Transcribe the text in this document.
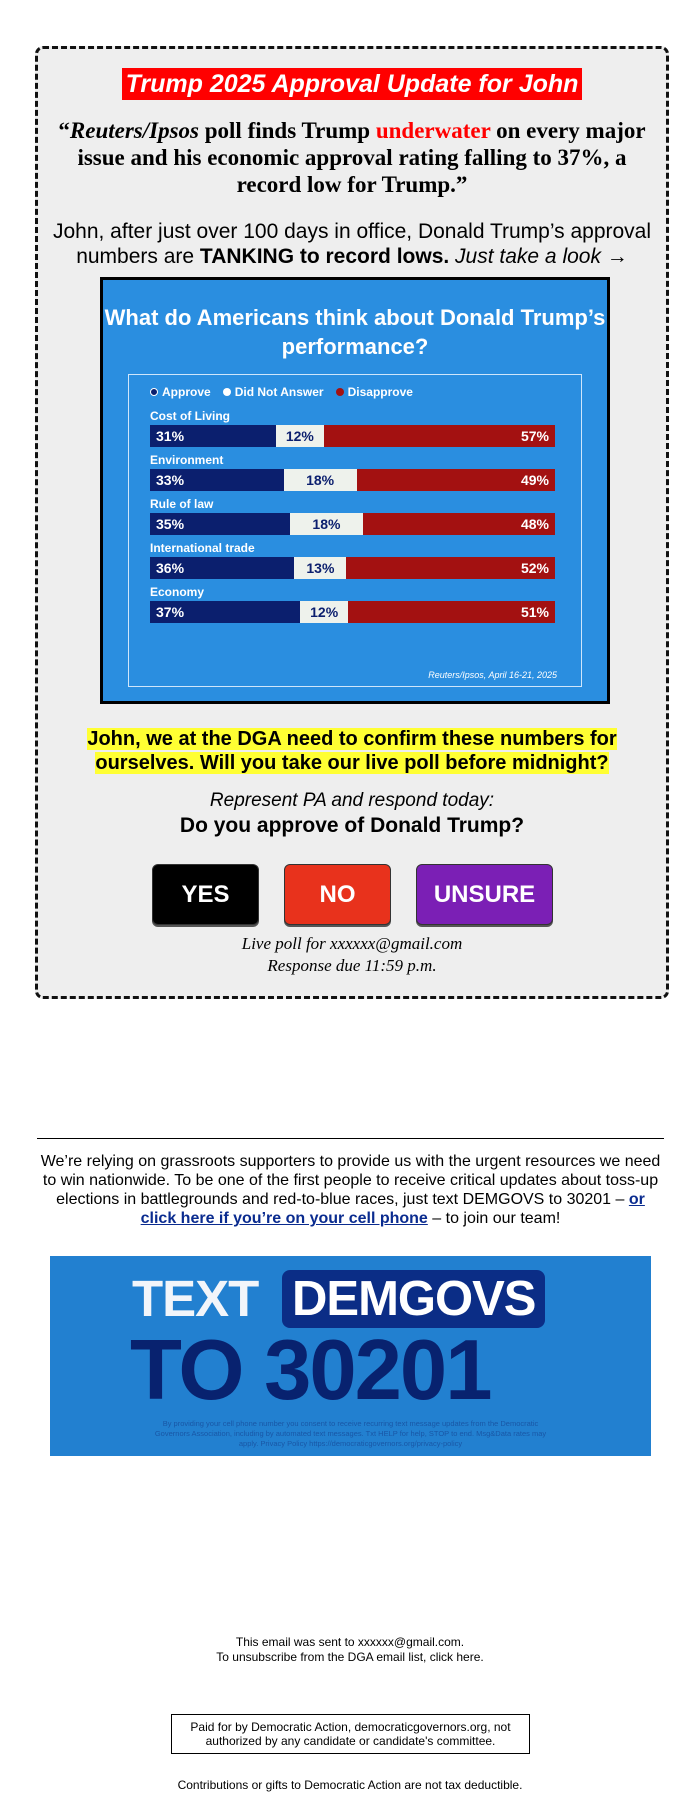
Trump 2025 Approval Update for John
“Reuters/Ipsos poll finds Trump underwater on every major issue and his economic approval rating falling to 37%, a record low for Trump.”
John, after just over 100 days in office, Donald Trump’s approval numbers are TANKING to record lows. Just take a look →
What do Americans think about Donald Trump’s performance?
Approve Did Not Answer Disapprove
Reuters/Ipsos, April 16-21, 2025
Cost of Living
31%	12%	57%
Environment
33%	18%	49%
Rule of law
35%	18%	48%
International trade
36%	13%	52%
Economy
37%	12%	51%
John, we at the DGA need to confirm these numbers for ourselves. Will you take our live poll before midnight?
Represent PA and respond today:
Do you approve of Donald Trump?
YES	NO	UNSURE
Live poll for xxxxxx@gmail.com
Response due 11:59 p.m.
We’re relying on grassroots supporters to provide us with the urgent resources we need to win nationwide. To be one of the first people to receive critical updates about toss-up elections in battlegrounds and red-to-blue races, just text DEMGOVS to 30201 – or click here if you’re on your cell phone – to join our team!
TEXT DEMGOVS
TO 30201
By providing your cell phone number you consent to receive recurring text message updates from the Democratic Governors Association, including by automated text messages. Txt HELP for help, STOP to end. Msg&Data rates may apply. Privacy Policy https://democraticgovernors.org/privacy-policy
This email was sent to xxxxxx@gmail.com.
To unsubscribe from the DGA email list, click here.
Paid for by Democratic Action, democraticgovernors.org, not authorized by any candidate or candidate's committee.
Contributions or gifts to Democratic Action are not tax deductible.
